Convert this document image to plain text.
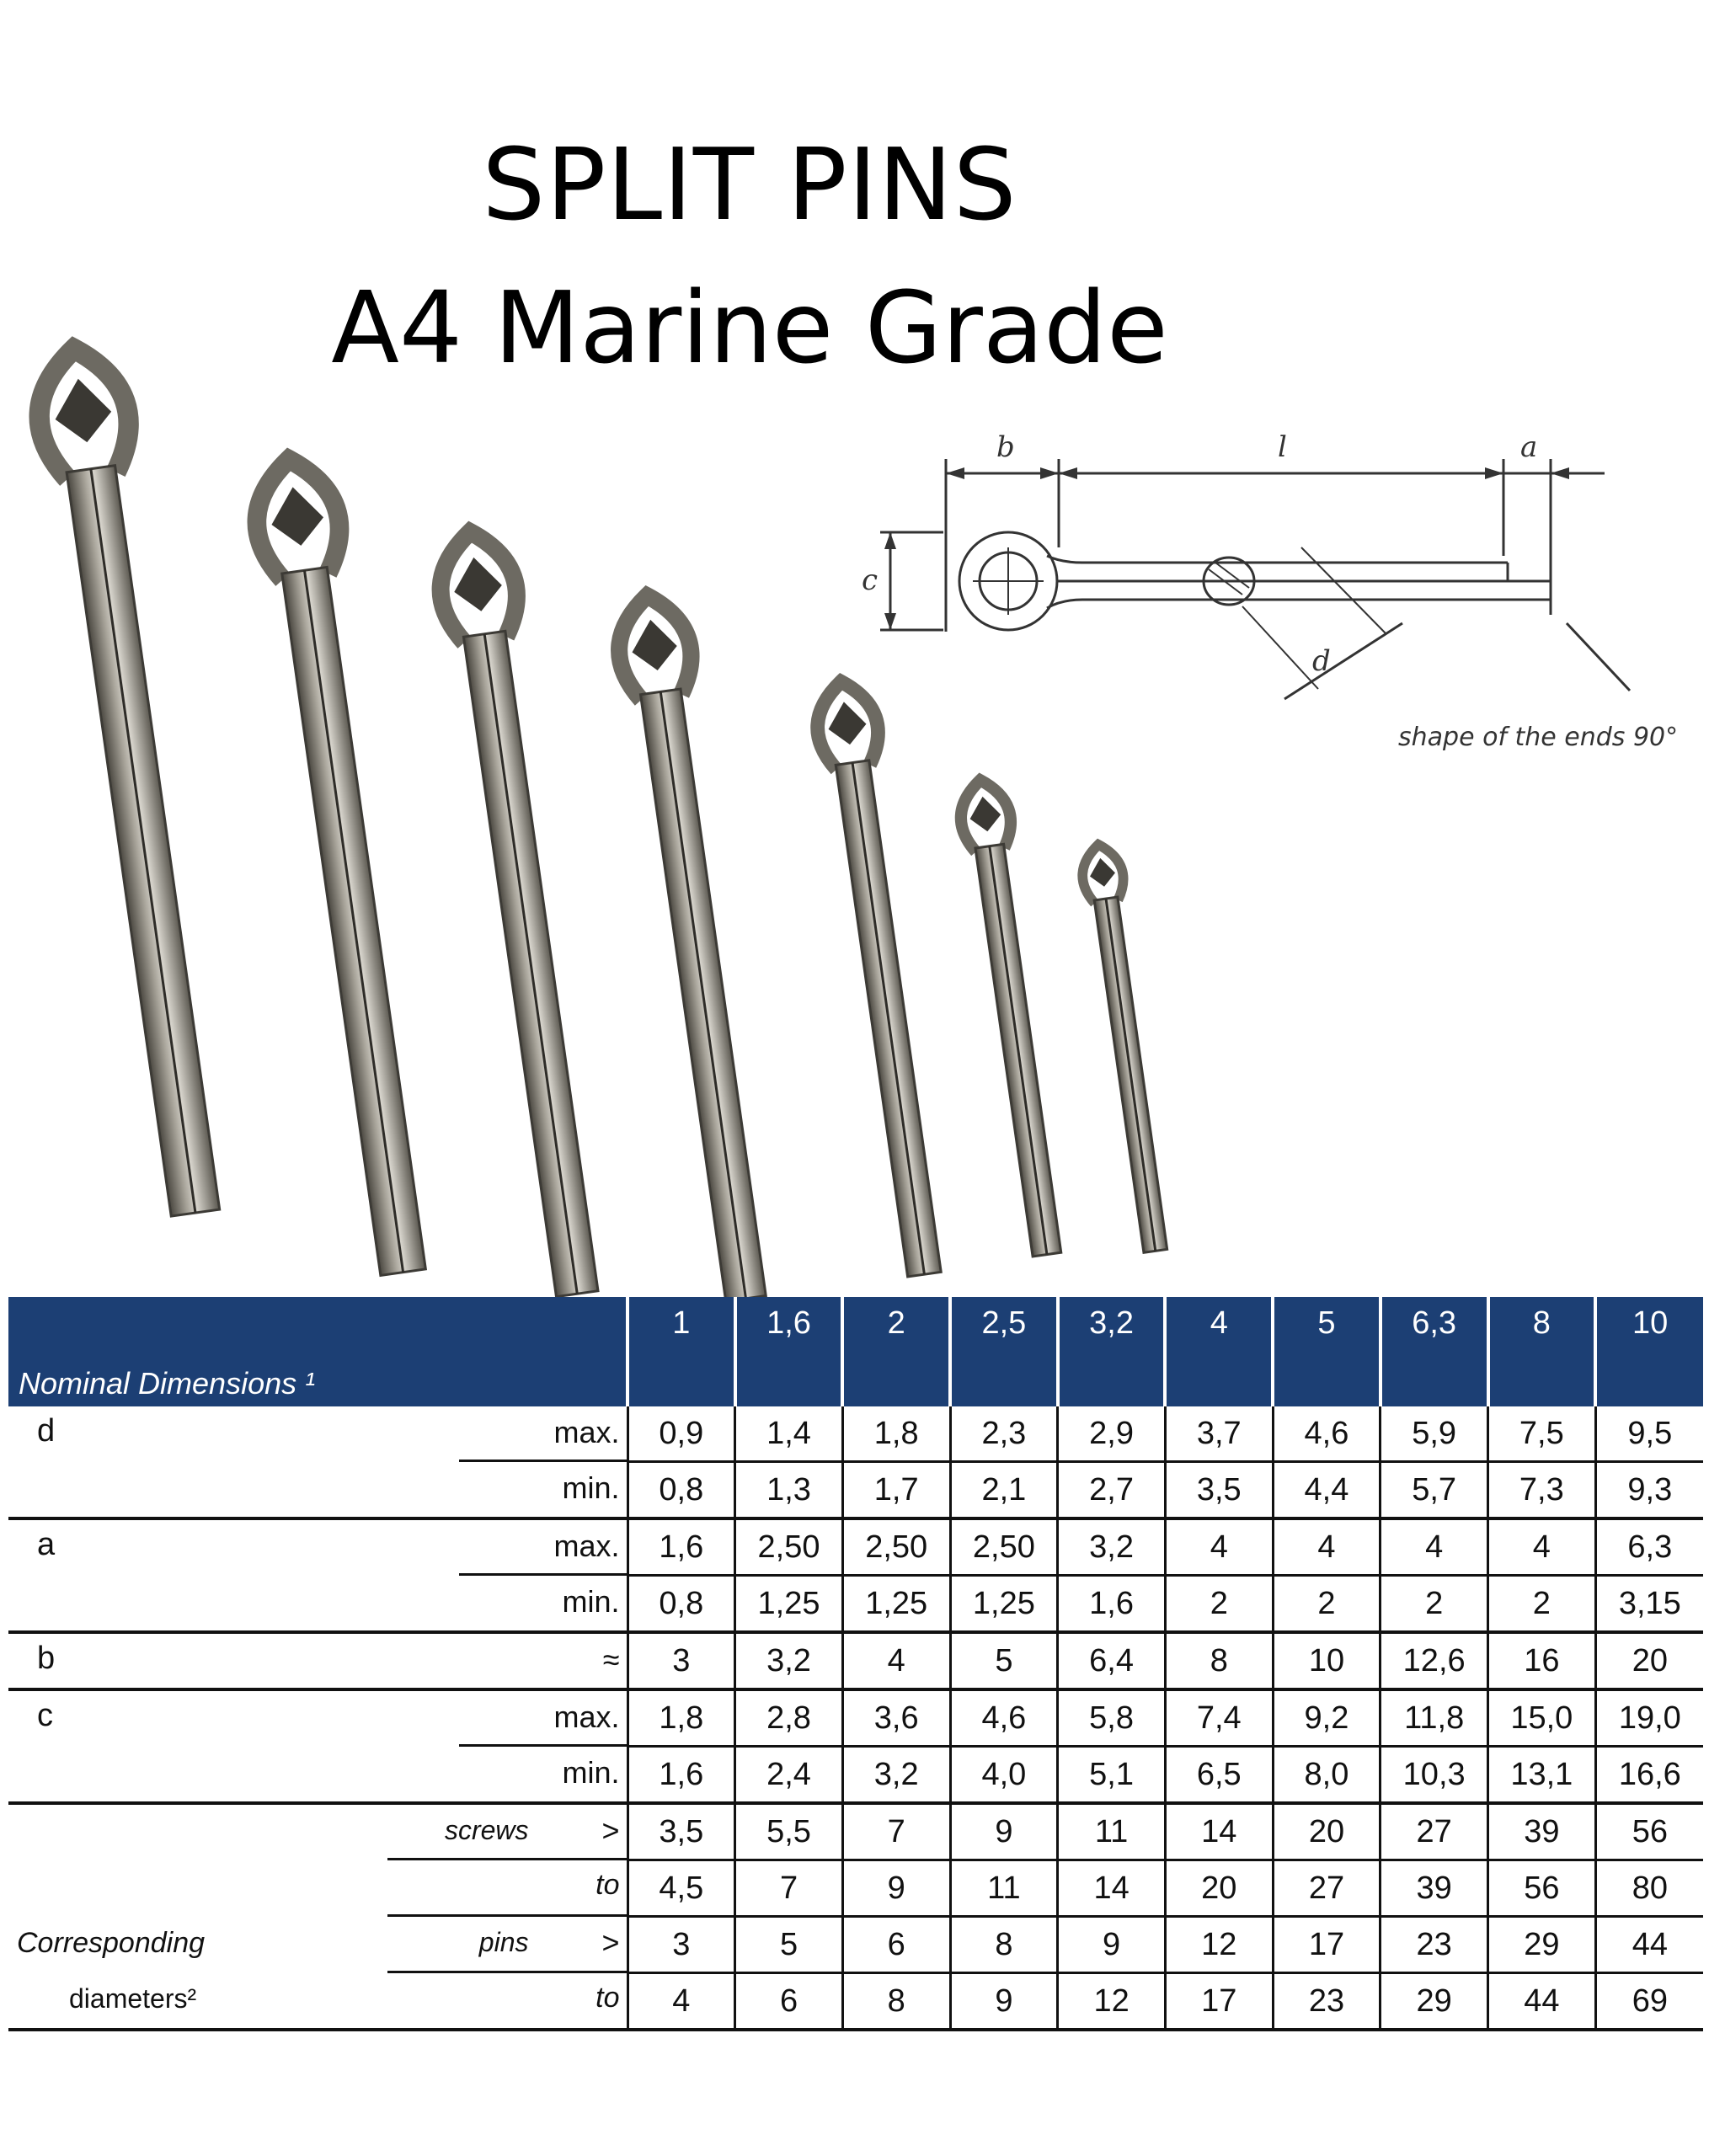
SPLIT PINS
A4 Marine Grade
b	l	a
c
d
shape of the ends 90°
Nominal Dimensions ¹	1	1,6	2	2,5	3,2	4	5	6,3	8	10

d max.	0,9	1,4	1,8	2,3	2,9	3,7	4,6	5,9	7,5	9,5

min.	0,8	1,3	1,7	2,1	2,7	3,5	4,4	5,7	7,3	9,3

a max.	1,6	2,50	2,50	2,50	3,2	4	4	4	4	6,3

min.	0,8	1,25	1,25	1,25	1,6	2	2	2	2	3,15

b ≈	3	3,2	4	5	6,4	8	10	12,6	16	20

c max.	1,8	2,8	3,6	4,6	5,8	7,4	9,2	11,8	15,0	19,0

min.	1,6	2,4	3,2	4,0	5,1	6,5	8,0	10,3	13,1	16,6

screws >	3,5	5,5	7	9	11	14	20	27	39	56

to	4,5	7	9	11	14	20	27	39	56	80

Corresponding pins >	3	5	6	8	9	12	17	23	29	44

diameters² to	4	6	8	9	12	17	23	29	44	69
